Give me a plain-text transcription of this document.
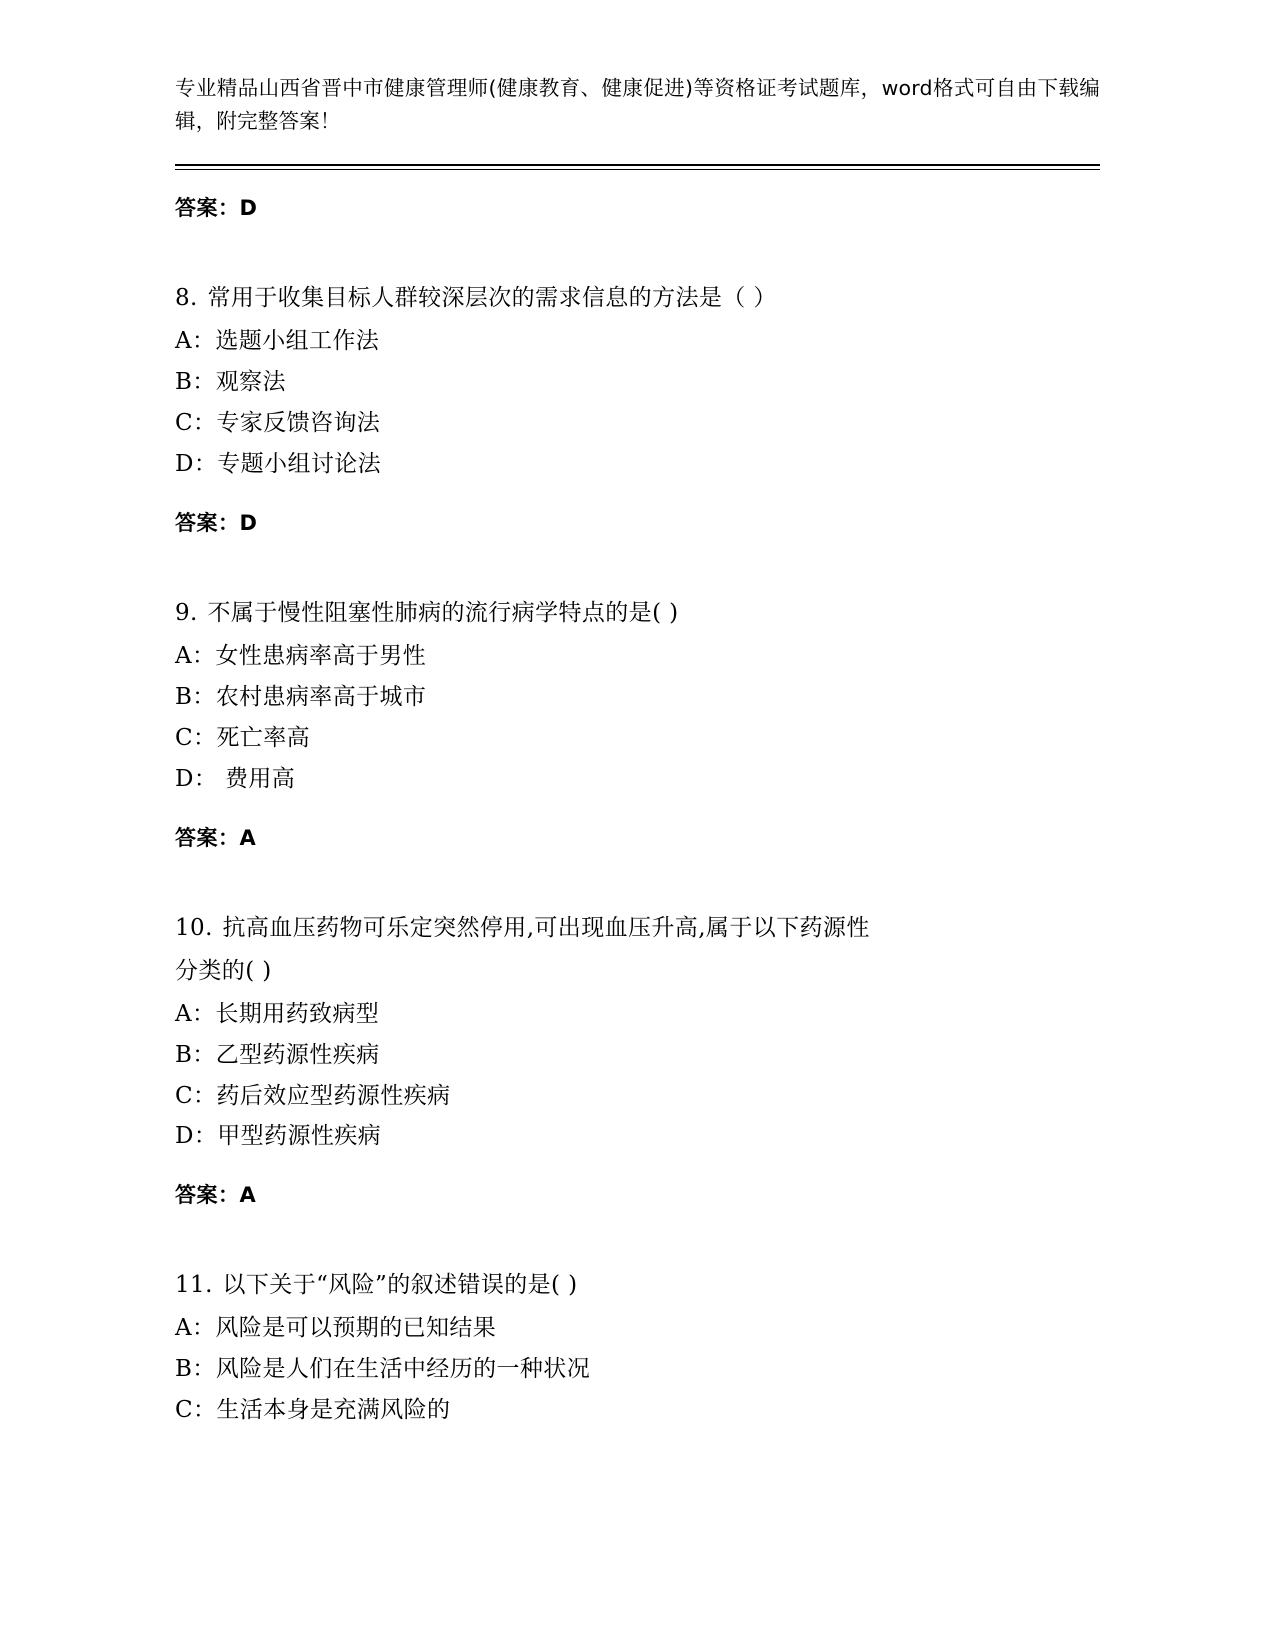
专业精品山西省晋中市健康管理师(健康教育、健康促进)等资格证考试题库，word格式可自由下载编辑，附完整答案！
答案：D

8. 常用于收集目标人群较深层次的需求信息的方法是（ ）

A：选题小组工作法

B：观察法

C：专家反馈咨询法

D：专题小组讨论法

答案：D

9. 不属于慢性阻塞性肺病的流行病学特点的是( )

A：女性患病率高于男性

B：农村患病率高于城市

C：死亡率高

D： 费用高

答案：A

10. 抗高血压药物可乐定突然停用,可出现血压升高,属于以下药源性

分类的( )

A：长期用药致病型

B：乙型药源性疾病

C：药后效应型药源性疾病

D：甲型药源性疾病

答案：A

11. 以下关于“风险”的叙述错误的是( )

A：风险是可以预期的已知结果

B：风险是人们在生活中经历的一种状况

C：生活本身是充满风险的
